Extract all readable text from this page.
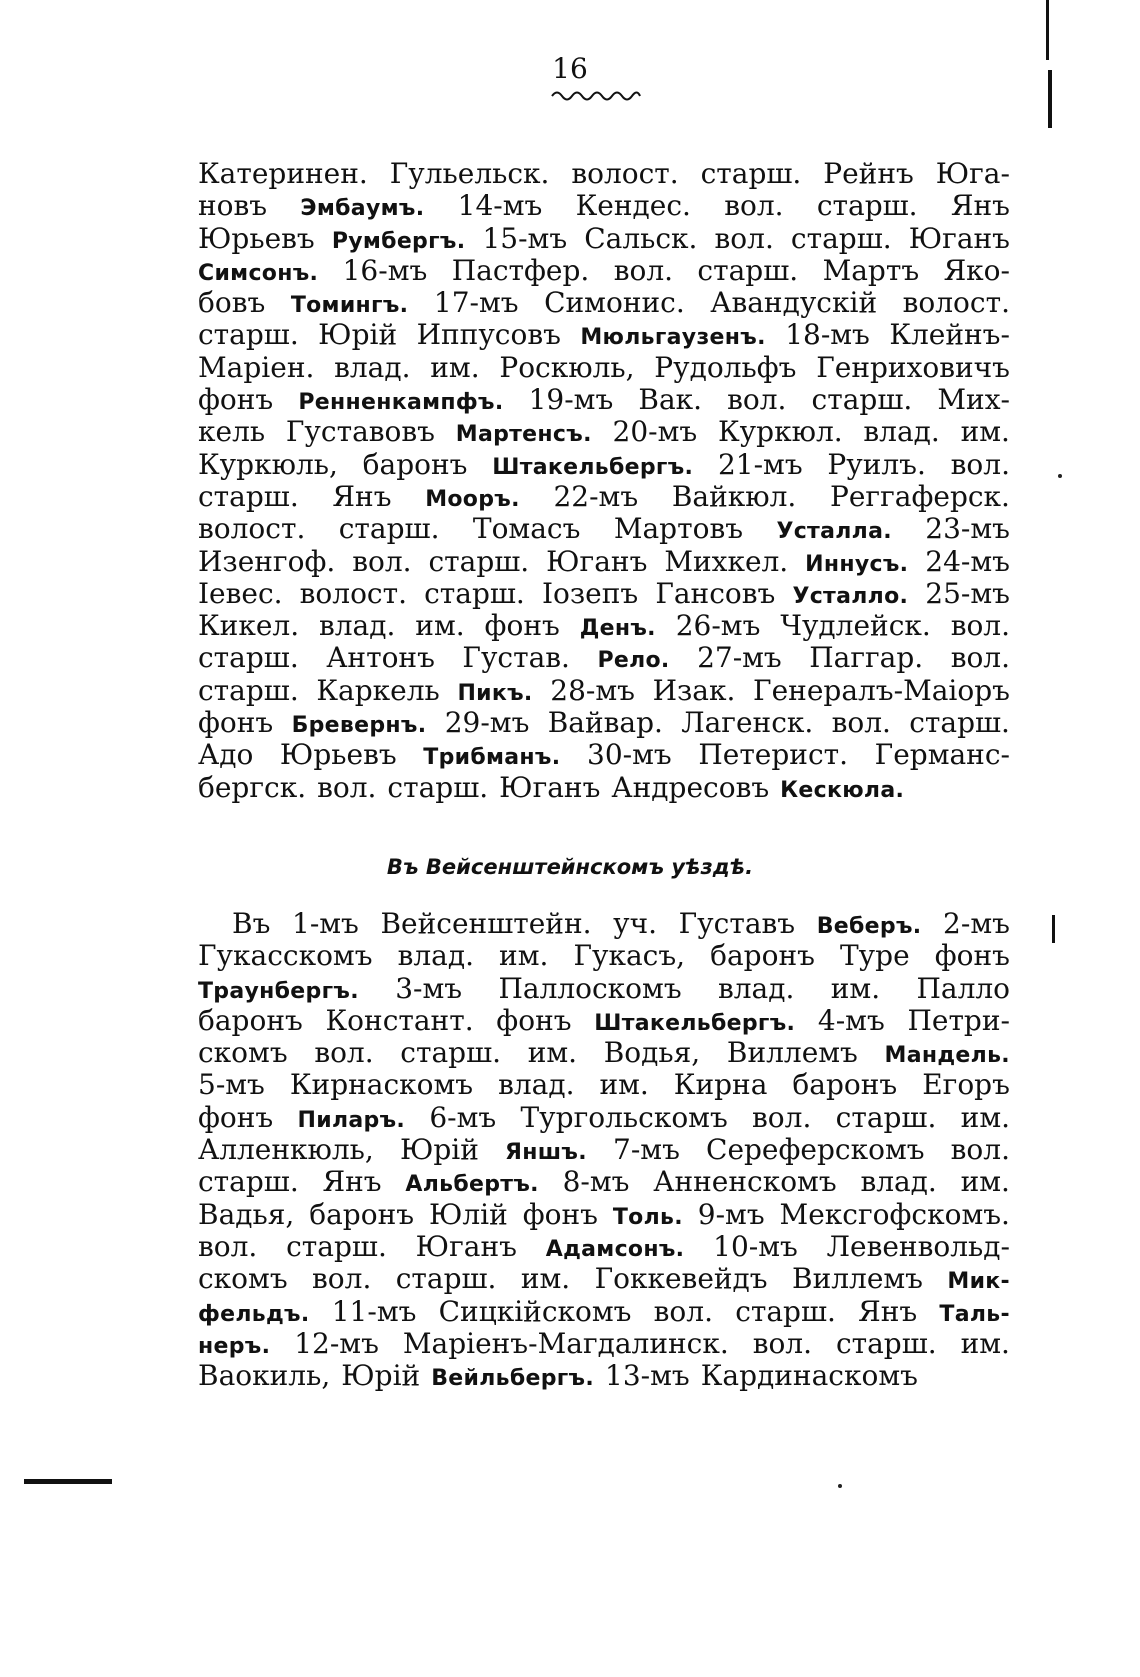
16
Катеринен. Гульельск. волост. старш. Рейнъ Юга-
новъ Эмбаумъ. 14-мъ Кендес. вол. старш. Янъ
Юрьевъ Румбергъ. 15-мъ Сальск. вол. старш. Юганъ
Симсонъ. 16-мъ Пастфер. вол. старш. Мартъ Яко-
бовъ Томингъ. 17-мъ Симонис. Авандускій волост.
старш. Юрій Иппусовъ Мюльгаузенъ. 18-мъ Клейнъ-
Маріен. влад. им. Роскюль, Рудольфъ Генриховичъ
фонъ Ренненкампфъ. 19-мъ Вак. вол. старш. Мих-
кель Густавовъ Мартенсъ. 20-мъ Куркюл. влад. им.
Куркюль, баронъ Штакельбергъ. 21-мъ Руилъ. вол.
старш. Янъ Мооръ. 22-мъ Вайкюл. Реггаферск.
волост. старш. Томасъ Мартовъ Усталла. 23-мъ
Изенгоф. вол. старш. Юганъ Михкел. Иннусъ. 24-мъ
Іевес. волост. старш. Іозепъ Гансовъ Усталло. 25-мъ
Кикел. влад. им. фонъ Денъ. 26-мъ Чудлейск. вол.
старш. Антонъ Густав. Рело. 27-мъ Паггар. вол.
старш. Каркель Пикъ. 28-мъ Изак. Генералъ-Маіоръ
фонъ Бревернъ. 29-мъ Вайвар. Лагенск. вол. старш.
Адо Юрьевъ Трибманъ. 30-мъ Петерист. Германс-
бергск. вол. старш. Юганъ Андресовъ Кескюла.
Въ Вейсенштейнскомъ уѣздѣ.
Въ 1-мъ Вейсенштейн. уч. Густавъ Веберъ. 2-мъ
Гукасскомъ влад. им. Гукасъ, баронъ Туре фонъ
Траунбергъ. 3-мъ Паллоскомъ влад. им. Палло
баронъ Констант. фонъ Штакельбергъ. 4-мъ Петри-
скомъ вол. старш. им. Водья, Виллемъ Мандель.
5-мъ Кирнаскомъ влад. им. Кирна баронъ Егоръ
фонъ Пиларъ. 6-мъ Тургольскомъ вол. старш. им.
Алленкюль, Юрій Яншъ. 7-мъ Сереферскомъ вол.
старш. Янъ Альбертъ. 8-мъ Анненскомъ влад. им.
Вадья, баронъ Юлій фонъ Толь. 9-мъ Мексгофскомъ.
вол. старш. Юганъ Адамсонъ. 10-мъ Левенвольд-
скомъ вол. старш. им. Гоккевейдъ Виллемъ Мик-
фельдъ. 11-мъ Сицкійскомъ вол. старш. Янъ Таль-
неръ. 12-мъ Маріенъ-Магдалинск. вол. старш. им.
Ваокиль, Юрій Вейльбергъ. 13-мъ Кардинаскомъ
